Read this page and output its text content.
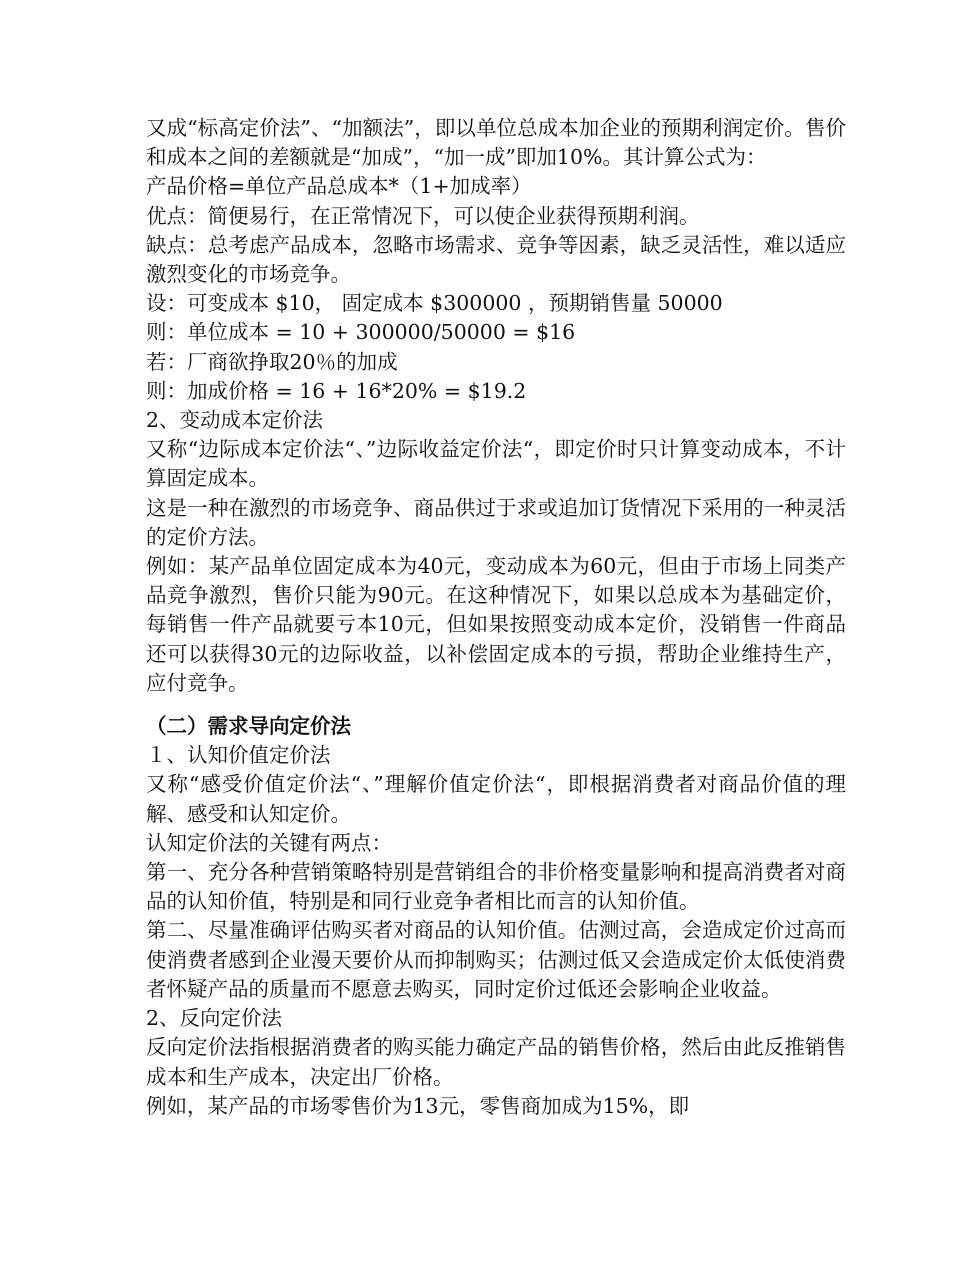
又成“标高定价法”、“加额法”，即以单位总成本加企业的预期利润定价。售价和成本之间的差额就是“加成”，“加一成”即加10%。其计算公式为：

产品价格=单位产品总成本*（1+加成率）

优点：简便易行，在正常情况下，可以使企业获得预期利润。

缺点：总考虑产品成本，忽略市场需求、竞争等因素，缺乏灵活性，难以适应激烈变化的市场竞争。

设：可变成本 $10， 固定成本 $300000 ，预期销售量 50000

则：单位成本 = 10 + 300000/50000 = $16

若：厂商欲挣取20％的加成

则：加成价格 = 16 + 16*20% = $19.2

2、变动成本定价法

又称“边际成本定价法“、”边际收益定价法“，即定价时只计算变动成本，不计算固定成本。

这是一种在激烈的市场竞争、商品供过于求或追加订货情况下采用的一种灵活的定价方法。

例如：某产品单位固定成本为40元，变动成本为60元，但由于市场上同类产品竞争激烈，售价只能为90元。在这种情况下，如果以总成本为基础定价，每销售一件产品就要亏本10元，但如果按照变动成本定价，没销售一件商品还可以获得30元的边际收益，以补偿固定成本的亏损，帮助企业维持生产，应付竞争。

（二）需求导向定价法

１、认知价值定价法

又称“感受价值定价法“、”理解价值定价法“，即根据消费者对商品价值的理解、感受和认知定价。

认知定价法的关键有两点：

第一、充分各种营销策略特别是营销组合的非价格变量影响和提高消费者对商品的认知价值，特别是和同行业竞争者相比而言的认知价值。

第二、尽量准确评估购买者对商品的认知价值。估测过高，会造成定价过高而使消费者感到企业漫天要价从而抑制购买；估测过低又会造成定价太低使消费者怀疑产品的质量而不愿意去购买，同时定价过低还会影响企业收益。

2、反向定价法

反向定价法指根据消费者的购买能力确定产品的销售价格，然后由此反推销售成本和生产成本，决定出厂价格。

例如，某产品的市场零售价为13元，零售商加成为15%，即
